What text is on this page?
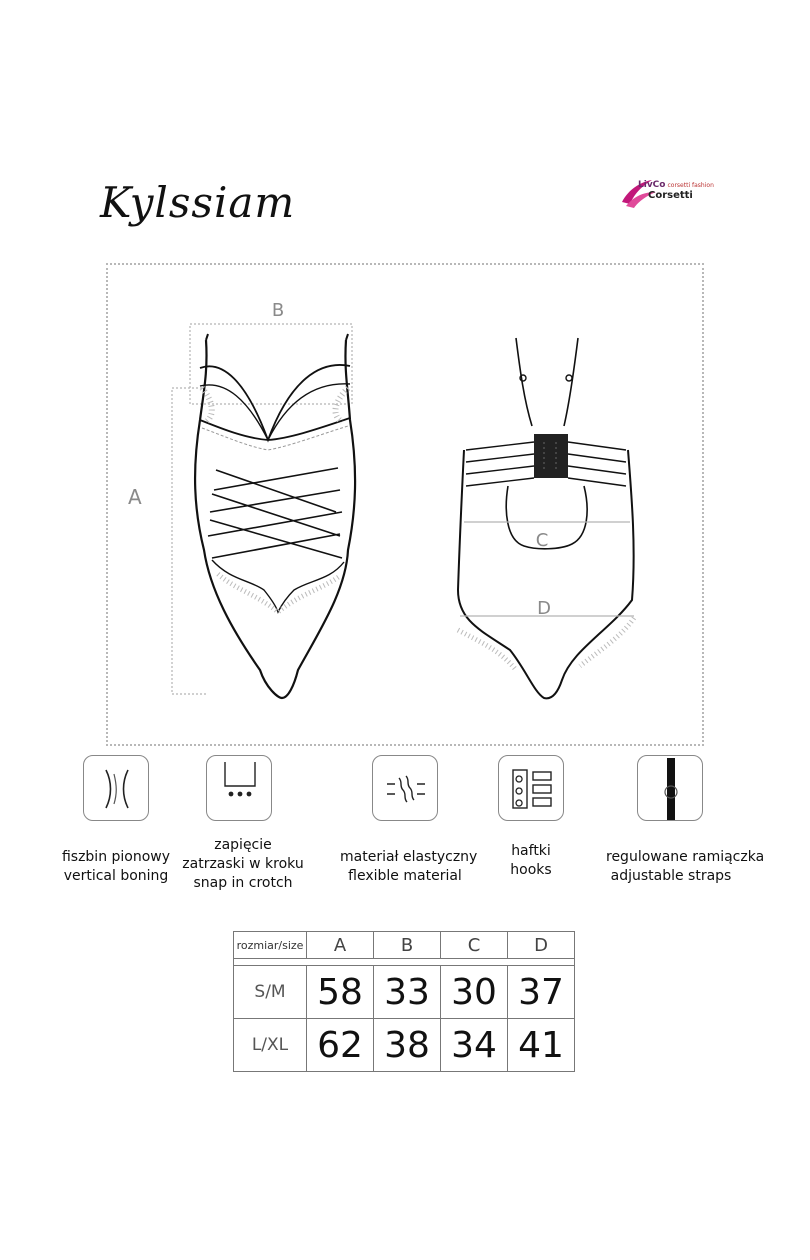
Kylssiam	LivCo corsetti fashion
Corsetti
B
A
C
D
fiszbin pionowy
vertical boning
zapięcie
zatrzaski w kroku
snap in crotch
materiał elastyczny
flexible material
haftki
hooks
regulowane ramiączka
adjustable straps
rozmiar/size	A	B	C	D

S/M	58	33	30	37
L/XL	62	38	34	41
